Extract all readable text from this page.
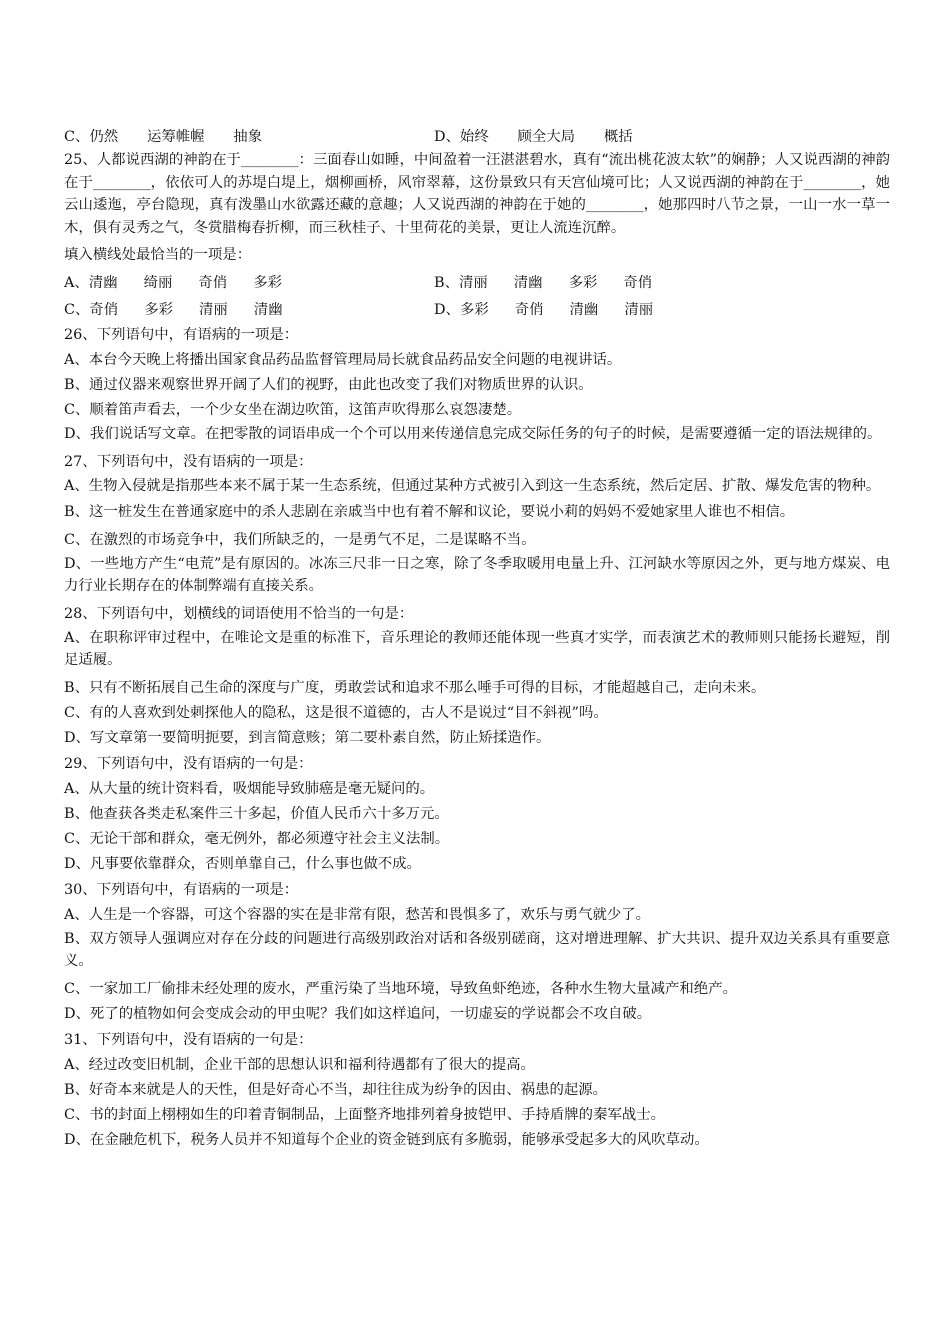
C、仍然　　运筹帷幄　　抽象	D、始终　　顾全大局　　概括
25、人都说西湖的神韵在于________：三面春山如睡，中间盈着一汪湛湛碧水，真有“流出桃花波太软”的娴静；人又说西湖的神韵在于________，依依可人的苏堤白堤上，烟柳画桥，风帘翠幕，这份景致只有天宫仙境可比；人又说西湖的神韵在于________，她云山逶迤，亭台隐现，真有泼墨山水欲露还藏的意趣；人又说西湖的神韵在于她的________，她那四时八节之景，一山一水一草一木，俱有灵秀之气，冬赏腊梅春折柳，而三秋桂子、十里荷花的美景，更让人流连沉醉。
填入横线处最恰当的一项是：
A、 清幽 绮丽 奇俏 多彩	B、 清丽 清幽 多彩 奇俏
C、 奇俏 多彩 清丽 清幽	D、 多彩 奇俏 清幽 清丽
26、下列语句中，有语病的一项是：
A、本台今天晚上将播出国家食品药品监督管理局局长就食品药品安全问题的电视讲话。
B、通过仪器来观察世界开阔了人们的视野，由此也改变了我们对物质世界的认识。
C、顺着笛声看去，一个少女坐在湖边吹笛，这笛声吹得那么哀怨凄楚。
D、我们说话写文章。在把零散的词语串成一个个可以用来传递信息完成交际任务的句子的时候，是需要遵循一定的语法规律的。
27、下列语句中，没有语病的一项是：
A、生物入侵就是指那些本来不属于某一生态系统，但通过某种方式被引入到这一生态系统，然后定居、扩散、爆发危害的物种。
B、这一桩发生在普通家庭中的杀人悲剧在亲戚当中也有着不解和议论，要说小莉的妈妈不爱她家里人谁也不相信。
C、在激烈的市场竞争中，我们所缺乏的，一是勇气不足，二是谋略不当。
D、一些地方产生“电荒”是有原因的。冰冻三尺非一日之寒，除了冬季取暖用电量上升、江河缺水等原因之外，更与地方煤炭、电力行业长期存在的体制弊端有直接关系。
28、下列语句中，划横线的词语使用不恰当的一句是：
A、在职称评审过程中，在唯论文是重的标准下，音乐理论的教师还能体现一些真才实学，而表演艺术的教师则只能扬长避短，削足适履。
B、只有不断拓展自己生命的深度与广度，勇敢尝试和追求不那么唾手可得的目标，才能超越自己，走向未来。
C、有的人喜欢到处刺探他人的隐私，这是很不道德的，古人不是说过“目不斜视”吗。
D、写文章第一要简明扼要，到言简意赅；第二要朴素自然，防止矫揉造作。
29、下列语句中，没有语病的一句是：
A、从大量的统计资料看，吸烟能导致肺癌是毫无疑问的。
B、他查获各类走私案件三十多起，价值人民币六十多万元。
C、无论干部和群众，毫无例外，都必须遵守社会主义法制。
D、凡事要依靠群众，否则单靠自己，什么事也做不成。
30、下列语句中，有语病的一项是：
A、人生是一个容器，可这个容器的实在是非常有限，愁苦和畏惧多了，欢乐与勇气就少了。
B、双方领导人强调应对存在分歧的问题进行高级别政治对话和各级别磋商，这对增进理解、扩大共识、提升双边关系具有重要意义。
C、一家加工厂偷排未经处理的废水，严重污染了当地环境，导致鱼虾绝迹，各种水生物大量减产和绝产。
D、死了的植物如何会变成会动的甲虫呢？我们如这样追问，一切虚妄的学说都会不攻自破。
31、下列语句中，没有语病的一句是：
A、经过改变旧机制，企业干部的思想认识和福利待遇都有了很大的提高。
B、好奇本来就是人的天性，但是好奇心不当，却往往成为纷争的因由、祸患的起源。
C、书的封面上栩栩如生的印着青铜制品，上面整齐地排列着身披铠甲、手持盾牌的秦军战士。
D、在金融危机下，税务人员并不知道每个企业的资金链到底有多脆弱，能够承受起多大的风吹草动。
